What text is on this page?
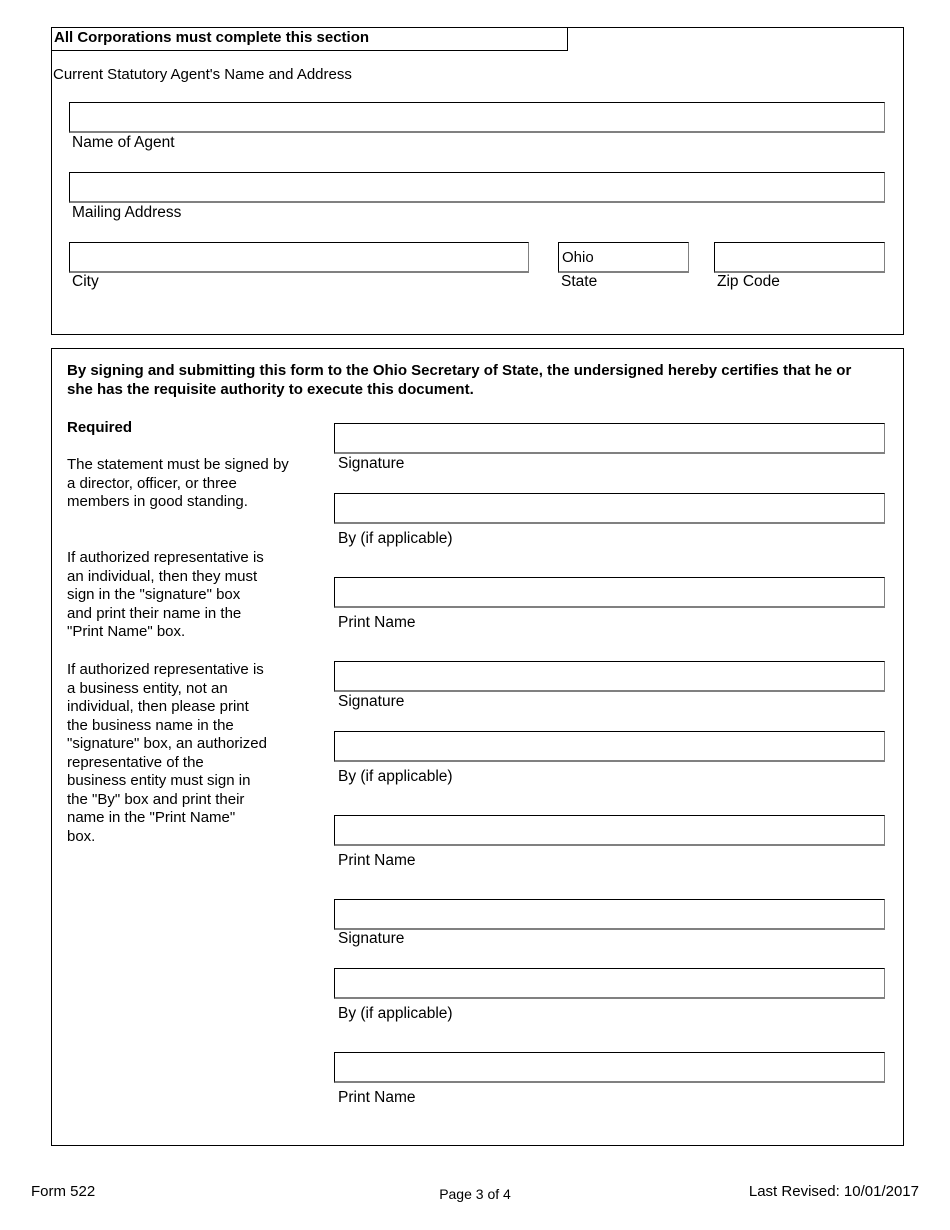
All Corporations must complete this section
Current Statutory Agent's Name and Address
Name of Agent
Mailing Address
City
Ohio	State	Zip Code
By signing and submitting this form to the Ohio Secretary of State, the undersigned hereby certifies that he or she has the requisite authority to execute this document.
Required
The statement must be signed by a director, officer, or three members in good standing.
If authorized representative is an individual, then they must sign in the "signature" box and print their name in the "Print Name" box.
If authorized representative is a business entity, not an individual, then please print the business name in the "signature" box, an authorized representative of the business entity must sign in the "By" box and print their name in the "Print Name" box.
Signature
By (if applicable)
Print Name
Signature
By (if applicable)
Print Name
Signature
By (if applicable)
Print Name
Form 522	Page 3 of 4	Last Revised: 10/01/2017
